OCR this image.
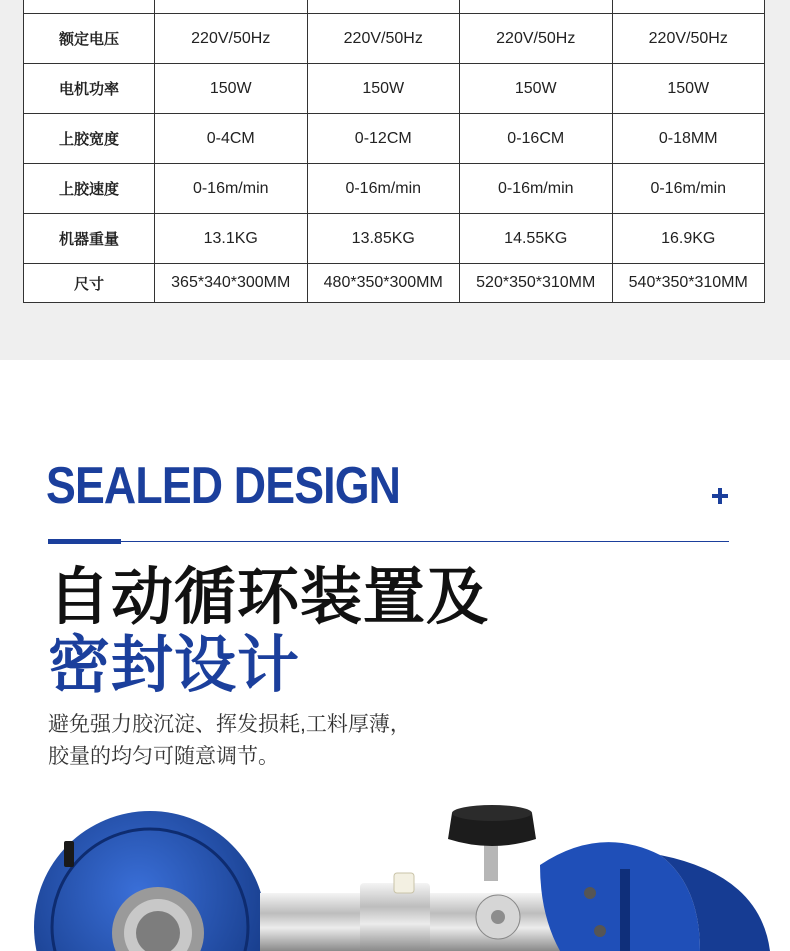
额定电压	220V/50Hz	220V/50Hz	220V/50Hz	220V/50Hz
电机功率	150W	150W	150W	150W
上胶宽度	0-4CM	0-12CM	0-16CM	0-18MM
上胶速度	0-16m/min	0-16m/min	0-16m/min	0-16m/min
机器重量	13.1KG	13.85KG	14.55KG	16.9KG
尺寸	365*340*300MM	480*350*300MM	520*350*310MM	540*350*310MM
SEALED DESIGN
自动循环装置及
密封设计
避免强力胶沉淀、挥发损耗,工料厚薄，
胶量的均匀可随意调节。
